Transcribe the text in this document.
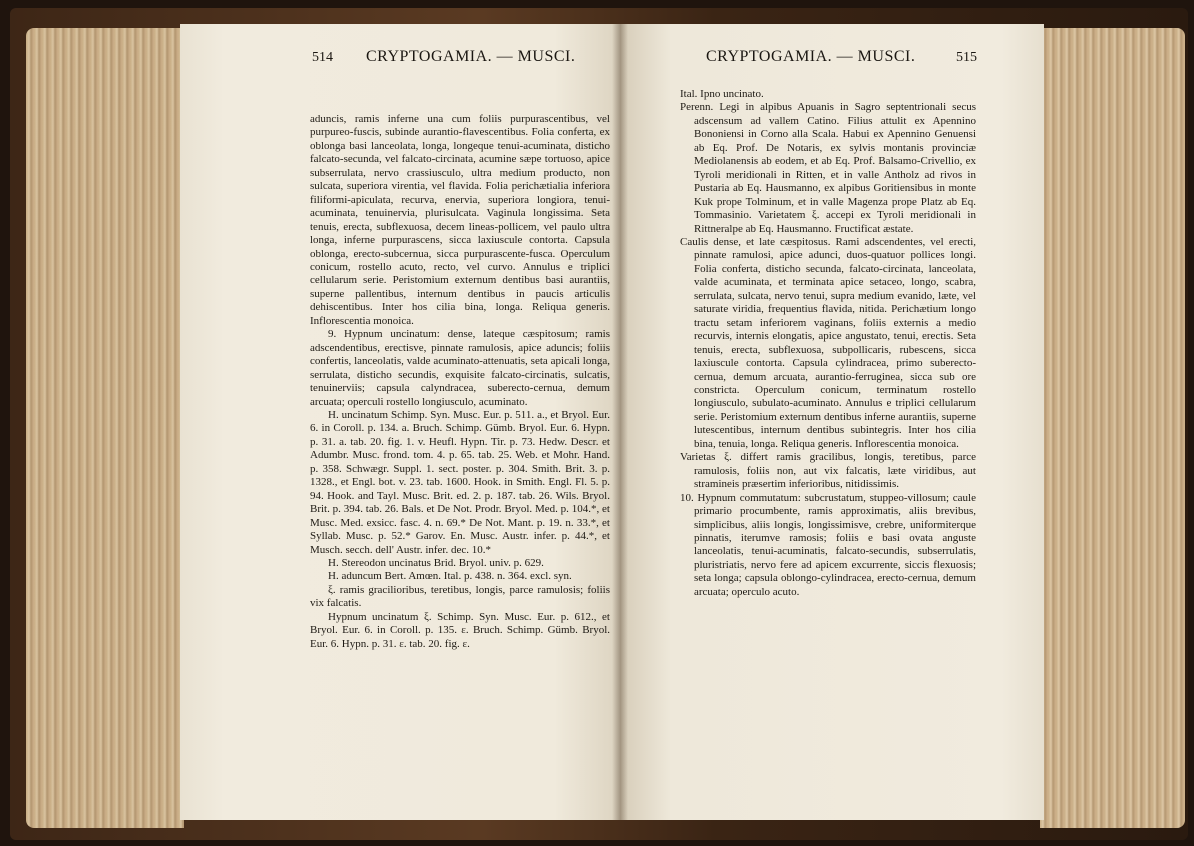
514 CRYPTOGAMIA. — MUSCI.	CRYPTOGAMIA. — MUSCI.	515

aduncis, ramis inferne una cum foliis purpurascentibus, vel purpureo-fuscis, subinde aurantio-flavescentibus. Folia conferta, ex oblonga basi lanceolata, longa, longeque tenui-acuminata, disticho falcato-secunda, vel falcato-circinata, acumine sæpe tortuoso, apice subserrulata, nervo crassiusculo, ultra medium producto, non sulcata, superiora virentia, vel flavida. Folia perichætialia inferiora filiformi-apiculata, recurva, enervia, superiora longiora, tenui-acuminata, tenuinervia, plurisulcata. Vaginula longissima. Seta tenuis, erecta, subflexuosa, decem lineas-pollicem, vel paulo ultra longa, inferne purpurascens, sicca laxiuscule contorta. Capsula oblonga, erecto-subcernua, sicca purpurascente-fusca. Operculum conicum, rostello acuto, recto, vel curvo. Annulus e triplici cellularum serie. Peristomium externum dentibus basi aurantiis, superne pallentibus, internum dentibus in paucis articulis dehiscentibus. Inter hos cilia bina, longa. Reliqua generis. Inflorescentia monoica.

9. Hypnum uncinatum: dense, lateque cæspitosum; ramis adscendentibus, erectisve, pinnate ramulosis, apice aduncis; foliis confertis, lanceolatis, valde acuminato-attenuatis, seta apicali longa, serrulata, disticho secundis, exquisite falcato-circinatis, sulcatis, tenuinerviis; capsula calyndracea, suberecto-cernua, demum arcuata; operculi rostello longiusculo, acuminato.

H. uncinatum Schimp. Syn. Musc. Eur. p. 511. a., et Bryol. Eur. 6. in Coroll. p. 134. a. Bruch. Schimp. Gümb. Bryol. Eur. 6. Hypn. p. 31. a. tab. 20. fig. 1. v. Heufl. Hypn. Tir. p. 73. Hedw. Descr. et Adumbr. Musc. frond. tom. 4. p. 65. tab. 25. Web. et Mohr. Hand. p. 358. Schwægr. Suppl. 1. sect. poster. p. 304. Smith. Brit. 3. p. 1328., et Engl. bot. v. 23. tab. 1600. Hook. in Smith. Engl. Fl. 5. p. 94. Hook. and Tayl. Musc. Brit. ed. 2. p. 187. tab. 26. Wils. Bryol. Brit. p. 394. tab. 26. Bals. et De Not. Prodr. Bryol. Med. p. 104.*, et Musc. Med. exsicc. fasc. 4. n. 69.* De Not. Mant. p. 19. n. 33.*, et Syllab. Musc. p. 52.* Garov. En. Musc. Austr. infer. p. 44.*, et Musch. secch. dell' Austr. infer. dec. 10.*

H. Stereodon uncinatus Brid. Bryol. univ. p. 629.

H. aduncum Bert. Amœn. Ital. p. 438. n. 364. excl. syn.

ξ. ramis gracilioribus, teretibus, longis, parce ramulosis; foliis vix falcatis.

Hypnum uncinatum ξ. Schimp. Syn. Musc. Eur. p. 612., et Bryol. Eur. 6. in Coroll. p. 135. ε. Bruch. Schimp. Gümb. Bryol. Eur. 6. Hypn. p. 31. ε. tab. 20. fig. ε.

Ital. Ipno uncinato.

Perenn. Legi in alpibus Apuanis in Sagro septentrionali secus adscensum ad vallem Catino. Filius attulit ex Apennino Bononiensi in Corno alla Scala. Habui ex Apennino Genuensi ab Eq. Prof. De Notaris, ex sylvis montanis provinciæ Mediolanensis ab eodem, et ab Eq. Prof. Balsamo-Crivellio, ex Tyroli meridionali in Ritten, et in valle Antholz ad rivos in Pustaria ab Eq. Hausmanno, ex alpibus Goritiensibus in monte Kuk prope Tolminum, et in valle Magenza prope Platz ab Eq. Tommasinio. Varietatem ξ. accepi ex Tyroli meridionali in Rittneralpe ab Eq. Hausmanno. Fructificat æstate.

Caulis dense, et late cæspitosus. Rami adscendentes, vel erecti, pinnate ramulosi, apice adunci, duos-quatuor pollices longi. Folia conferta, disticho secunda, falcato-circinata, lanceolata, valde acuminata, et terminata apice setaceo, longo, scabra, serrulata, sulcata, nervo tenui, supra medium evanido, læte, vel saturate viridia, frequentius flavida, nitida. Perichætium longo tractu setam inferiorem vaginans, foliis externis a medio recurvis, internis elongatis, apice angustato, tenui, erectis. Seta tenuis, erecta, subflexuosa, subpollicaris, rubescens, sicca laxiuscule contorta. Capsula cylindracea, primo suberecto-cernua, demum arcuata, aurantio-ferruginea, sicca sub ore constricta. Operculum conicum, terminatum rostello longiusculo, subulato-acuminato. Annulus e triplici cellularum serie. Peristomium externum dentibus inferne aurantiis, superne lutescentibus, internum dentibus subintegris. Inter hos cilia bina, tenuia, longa. Reliqua generis. Inflorescentia monoica.

Varietas ξ. differt ramis gracilibus, longis, teretibus, parce ramulosis, foliis non, aut vix falcatis, læte viridibus, aut stramineis præsertim inferioribus, nitidissimis.

10. Hypnum commutatum: subcrustatum, stuppeo-villosum; caule primario procumbente, ramis approximatis, aliis brevibus, simplicibus, aliis longis, longissimisve, crebre, uniformiterque pinnatis, iterumve ramosis; foliis e basi ovata anguste lanceolatis, tenui-acuminatis, falcato-secundis, subserrulatis, pluristriatis, nervo fere ad apicem excurrente, siccis flexuosis; seta longa; capsula oblongo-cylindracea, erecto-cernua, demum arcuata; operculo acuto.
